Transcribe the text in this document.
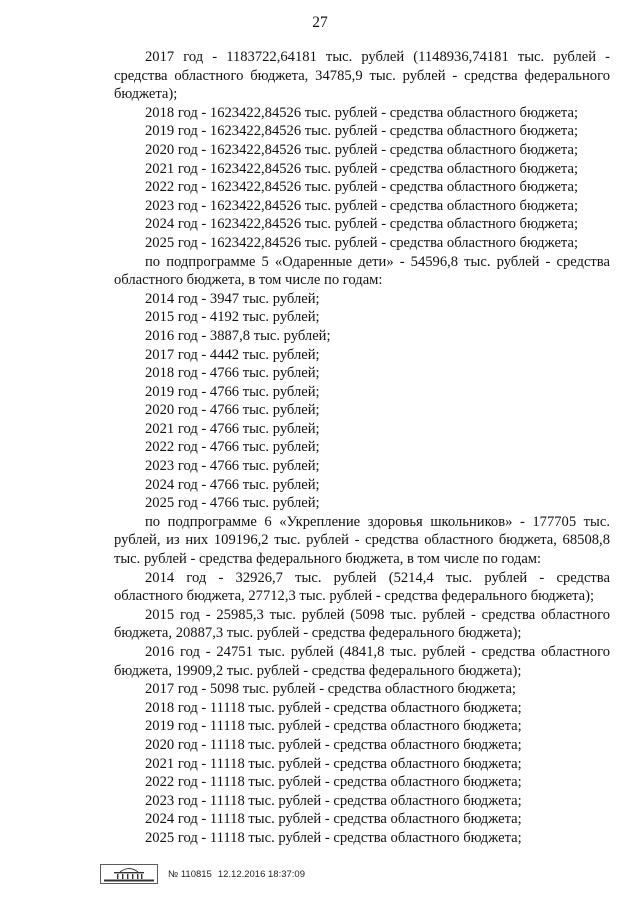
27

2017 год - 1183722,64181 тыс. рублей (1148936,74181 тыс. рублей -

средства областного бюджета, 34785,9 тыс. рублей - средства федерального

бюджета);

2018 год - 1623422,84526 тыс. рублей - средства областного бюджета;

2019 год - 1623422,84526 тыс. рублей - средства областного бюджета;

2020 год - 1623422,84526 тыс. рублей - средства областного бюджета;

2021 год - 1623422,84526 тыс. рублей - средства областного бюджета;

2022 год - 1623422,84526 тыс. рублей - средства областного бюджета;

2023 год - 1623422,84526 тыс. рублей - средства областного бюджета;

2024 год - 1623422,84526 тыс. рублей - средства областного бюджета;

2025 год - 1623422,84526 тыс. рублей - средства областного бюджета;

по подпрограмме 5 «Одаренные дети» - 54596,8 тыс. рублей - средства

областного бюджета, в том числе по годам:

2014 год - 3947 тыс. рублей;

2015 год - 4192 тыс. рублей;

2016 год - 3887,8 тыс. рублей;

2017 год - 4442 тыс. рублей;

2018 год - 4766 тыс. рублей;

2019 год - 4766 тыс. рублей;

2020 год - 4766 тыс. рублей;

2021 год - 4766 тыс. рублей;

2022 год - 4766 тыс. рублей;

2023 год - 4766 тыс. рублей;

2024 год - 4766 тыс. рублей;

2025 год - 4766 тыс. рублей;

по подпрограмме 6 «Укрепление здоровья школьников» - 177705 тыс.

рублей, из них 109196,2 тыс. рублей - средства областного бюджета, 68508,8

тыс. рублей - средства федерального бюджета, в том числе по годам:

2014 год - 32926,7 тыс. рублей (5214,4 тыс. рублей - средства

областного бюджета, 27712,3 тыс. рублей - средства федерального бюджета);

2015 год - 25985,3 тыс. рублей (5098 тыс. рублей - средства областного

бюджета, 20887,3 тыс. рублей - средства федерального бюджета);

2016 год - 24751 тыс. рублей (4841,8 тыс. рублей - средства областного

бюджета, 19909,2 тыс. рублей - средства федерального бюджета);

2017 год - 5098 тыс. рублей - средства областного бюджета;

2018 год - 11118 тыс. рублей - средства областного бюджета;

2019 год - 11118 тыс. рублей - средства областного бюджета;

2020 год - 11118 тыс. рублей - средства областного бюджета;

2021 год - 11118 тыс. рублей - средства областного бюджета;

2022 год - 11118 тыс. рублей - средства областного бюджета;

2023 год - 11118 тыс. рублей - средства областного бюджета;

2024 год - 11118 тыс. рублей - средства областного бюджета;

2025 год - 11118 тыс. рублей - средства областного бюджета;

№ 110815 12.12.2016 18:37:09
